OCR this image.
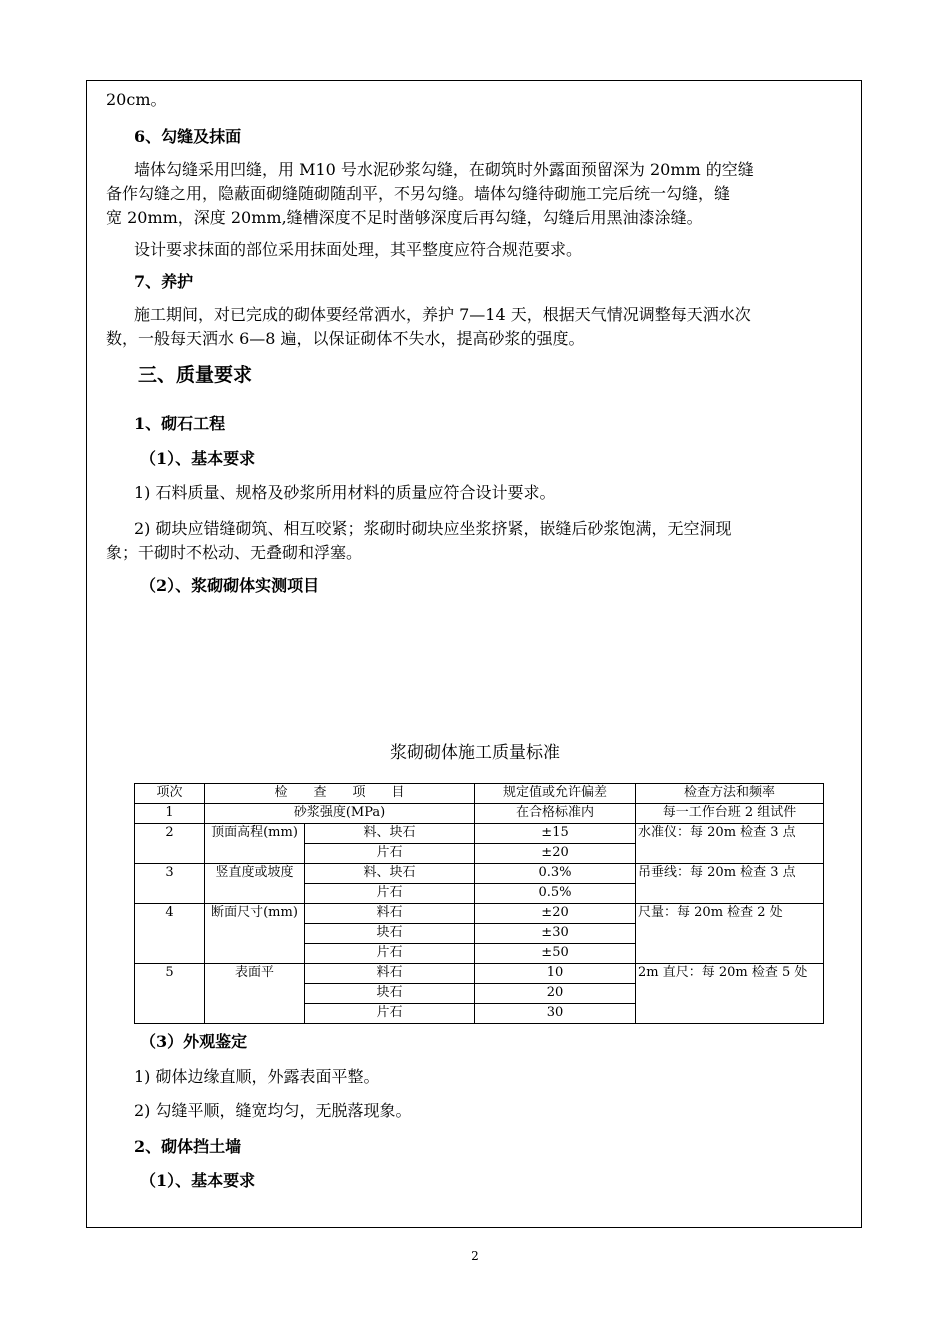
20cm。
6、勾缝及抹面
墙体勾缝采用凹缝，用 M10 号水泥砂浆勾缝，在砌筑时外露面预留深为 20mm 的空缝
备作勾缝之用，隐蔽面砌缝随砌随刮平，不另勾缝。墙体勾缝待砌施工完后统一勾缝，缝
宽 20mm，深度 20mm,缝槽深度不足时凿够深度后再勾缝，勾缝后用黑油漆涂缝。
设计要求抹面的部位采用抹面处理，其平整度应符合规范要求。
7、养护
施工期间，对已完成的砌体要经常洒水，养护 7—14 天，根据天气情况调整每天洒水次
数，一般每天洒水 6—8 遍，以保证砌体不失水，提高砂浆的强度。
三、质量要求
1、砌石工程
（1）、基本要求
1) 石料质量、规格及砂浆所用材料的质量应符合设计要求。
2) 砌块应错缝砌筑、相互咬紧；浆砌时砌块应坐浆挤紧，嵌缝后砂浆饱满，无空洞现
象；干砌时不松动、无叠砌和浮塞。
（2）、浆砌砌体实测项目
浆砌砌体施工质量标准
项次	检　　查　　项　　目		规定值或允许偏差	检查方法和频率
1	砂浆强度(MPa)		在合格标准内	每一工作台班 2 组试件
2	顶面高程(mm)	料、块石	±15	水准仪：每 20m 检查 3 点
		片石	±20	
3	竖直度或坡度	料、块石	0.3%	吊垂线：每 20m 检查 3 点
		片石	0.5%	
4	断面尺寸(mm)	料石	±20	尺量：每 20m 检查 2 处
		块石	±30	
		片石	±50	
5	表面平	料石	10	2m 直尺：每 20m 检查 5 处
		块石	20	
		片石	30	
（3）外观鉴定
1) 砌体边缘直顺，外露表面平整。
2) 勾缝平顺，缝宽均匀，无脱落现象。
2、砌体挡土墙
（1）、基本要求
2
